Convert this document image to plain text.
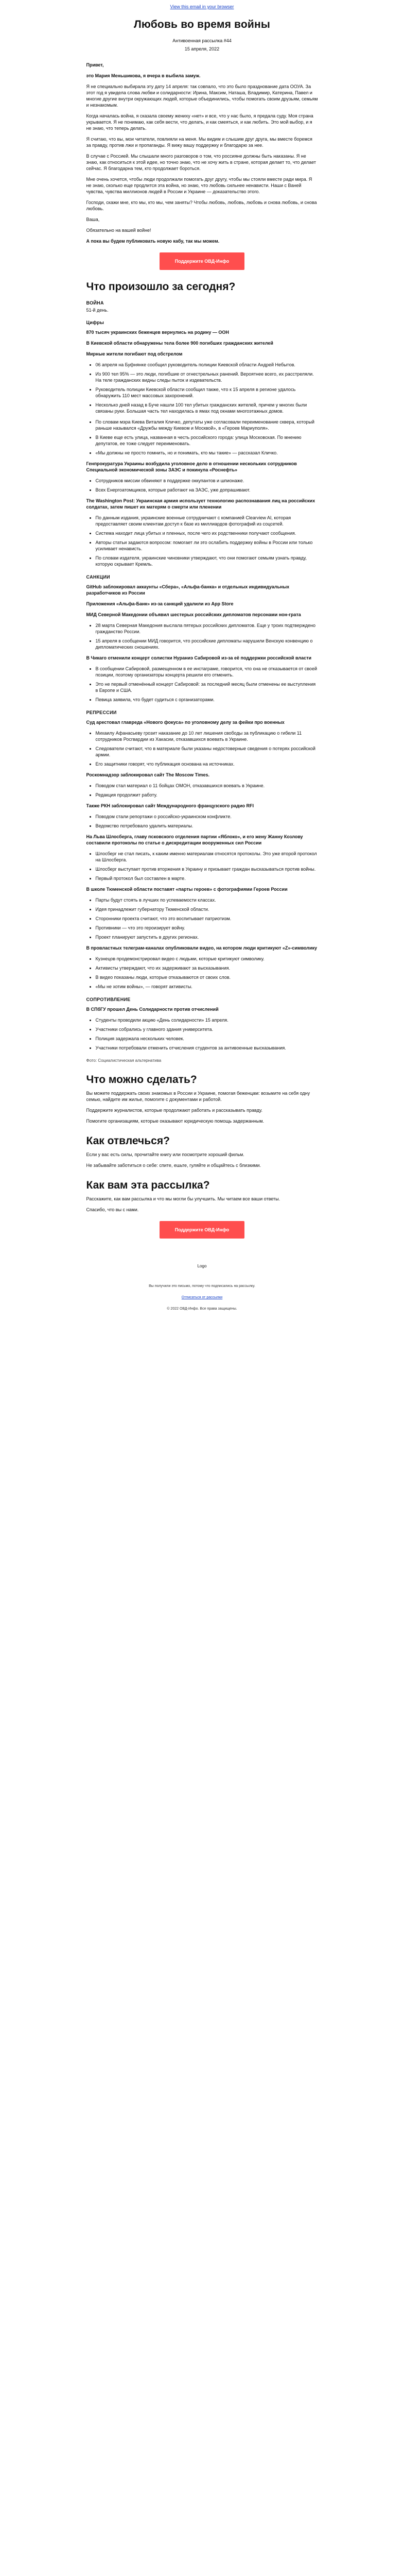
View this email in your browser
Любовь во время войны
Антивоенная рассылка #44
15 апреля, 2022

Привет,

это Мария Меньшикова, я вчера в выбила замуж.

Я не специально выбирала эту дату 14 апреля: так совпало, что это было празднование дата ООУА. За этот год я увидела слова любви и солидарности: Ирина, Максим, Наташа, Владимир, Катерина, Павел и многие другие внутри окружающих людей, которые объединились, чтобы помогать своим друзьям, семьям и незнакомым.

Когда началась война, я сказала своему жениху «нет» и все, что у нас было, я предала суду. Моя страна укрывается. Я не понимаю, как себя вести, что делать, и как смеяться, и как любить. Это мой выбор, и я не знаю, что теперь делать.

Я считаю, что вы, мои читатели, повлияли на меня. Мы видим и слышим друг друга, мы вместе боремся за правду, против лжи и пропаганды. Я вижу вашу поддержку и благодарю за нее.

В случае с Россией. Мы слышали много разговоров о том, что россияне должны быть наказаны. Я не знаю, как относиться к этой идее, но точно знаю, что не хочу жить в стране, которая делает то, что делает сейчас. Я благодарна тем, кто продолжает бороться.

Мне очень хочется, чтобы люди продолжали помогать друг другу, чтобы мы стояли вместе ради мира. Я не знаю, сколько еще продлится эта война, но знаю, что любовь сильнее ненависти. Наши с Ваней чувства, чувства миллионов людей в России и Украине — доказательство этого.

Господи, скажи мне, кто мы, кто мы, чем заняты? Чтобы любовь, любовь, любовь и снова любовь, и снова любовь.

Ваша,

Обязательно на вашей войне!

А пока вы будем публиковать новую кабу, так мы можем.

Поддержите ОВД-Инфо
Что произошло за сегодня?
ВОЙНА
51-й день.
Цифры

870 тысяч украинских беженцев вернулись на родину — ООН

В Киевской области обнаружены тела более 900 погибших гражданских жителей

Мирные жители погибают под обстрелом

• 06 апреля на Буфнянке сообщил руководитель полиции Киевской области Андрей Небытов.
• Из 900 тел 95% — это люди, погибшие от огнестрельных ранений. Вероятнее всего, их расстреляли. На теле гражданских видны следы пыток и издевательств.
• Руководитель полиции Киевской области сообщил также, что к 15 апреля в регионе удалось обнаружить 110 мест массовых захоронений.
• Несколько дней назад в Буче нашли 100 тел убитых гражданских жителей, причем у многих были связаны руки. Большая часть тел находилась в ямах под окнами многоэтажных домов.
• По словам мэра Киева Виталия Кличко, депутаты уже согласовали переименование сквера, который раньше назывался «Дружбы между Киевом и Москвой», в «Героев Мариуполя».
• В Киеве еще есть улица, названная в честь российского города: улица Московская. По мнению депутатов, ее тоже следует переименовать.
• «Мы должны не просто помнить, но и понимать, кто мы такие» — рассказал Кличко.

Генпрокуратура Украины возбудила уголовное дело в отношении нескольких сотрудников Специальной экономической зоны ЗАЭС и покинула «Роснефть»

• Сотрудников миссии обвиняют в поддержке оккупантов и шпионаже.
• Всех Енергоатомщиков, которые работают на ЗАЭС, уже допрашивают.

The Washington Post: Украинская армия использует технологию распознавания лиц на российских солдатах, затем пишет их матерям о смерти или пленении

• По данным издания, украинские военные сотрудничают с компанией Clearview AI, которая предоставляет своим клиентам доступ к базе из миллиардов фотографий из соцсетей.
• Система находит лица убитых и пленных, после чего их родственники получают сообщения.
• Авторы статьи задаются вопросом: помогает ли это ослабить поддержку войны в России или только усиливает ненависть.
• По словам издателя, украинские чиновники утверждают, что они помогают семьям узнать правду, которую скрывает Кремль.
САНКЦИИ

GitHub заблокировал аккаунты «Сбера», «Альфа-банка» и отдельных индивидуальных разработчиков из России

Приложения «Альфа-Банк» из-за санкций удалили из App Store

МИД Северной Македонии объявил шестерых российских дипломатов персонами нон-грата

• 28 марта Северная Македония выслала пятерых российских дипломатов. Еще у троих подтверждено гражданство России.
• 15 апреля в сообщении МИД говорится, что российские дипломаты нарушили Венскую конвенцию о дипломатических сношениях.

В Чикаго отменили концерт солистки Нураниэ Сабировой из-за её поддержки российской власти

• В сообщении Сабировой, размещенном в ее инстаграме, говорится, что она не отказывается от своей позиции, поэтому организаторы концерта решили его отменить.
• Это не первый отменённый концерт Сабировой: за последний месяц были отменены ее выступления в Европе и США.
• Певица заявила, что будет судиться с организаторами.
РЕПРЕССИИ

Суд арестовал главреда «Нового фокуса» по уголовному делу за фейки про военных

• Михаилу Афанасьеву грозит наказание до 10 лет лишения свободы за публикацию о гибели 11 сотрудников Росгвардии из Хакасии, отказавшихся воевать в Украине.
• Следователи считают, что в материале были указаны недостоверные сведения о потерях российской армии.
• Его защитники говорят, что публикация основана на источниках.

Роскомнадзор заблокировал сайт The Moscow Times.

• Поводом стал материал о 11 бойцах ОМОН, отказавшихся воевать в Украине.
• Редакция продолжит работу.

Также РКН заблокировал сайт Международного французского радио RFI

• Поводом стали репортажи о российско-украинском конфликте.
• Ведомство потребовало удалить материалы.

На Льва Шлосберга, главу псковского отделения партии «Яблоко», и его жену Жанну Козлову составили протоколы по статье о дискредитации вооруженных сил России

• Шлосберг не стал писать, к каким именно материалам относятся протоколы. Это уже второй протокол на Шлосберга.
• Шлосберг выступает против вторжения в Украину и призывает граждан высказываться против войны.
• Первый протокол был составлен в марте.

В школе Тюменской области поставят «парты героев» с фотографиями Героев России

• Парты будут стоять в лучших по успеваемости классах.
• Идея принадлежит губернатору Тюменской области.
• Сторонники проекта считают, что это воспитывает патриотизм.
• Противники — что это героизирует войну.
• Проект планируют запустить в других регионах.

В провластных телеграм-каналах опубликовали видео, на котором люди критикуют «Z»-символику

• Кузнецов продемонстрировал видео с людьми, которые критикуют символику.
• Активисты утверждают, что их задерживают за высказывания.
• В видео показаны люди, которые отказываются от своих слов.
• «Мы не хотим войны», — говорят активисты.
СОПРОТИВЛЕНИЕ

В СПбГУ прошел День Солидарности против отчислений

• Студенты проводили акцию «День солидарности» 15 апреля.
• Участники собрались у главного здания университета.
• Полиция задержала нескольких человек.
• Участники потребовали отменить отчисления студентов за антивоенные высказывания.
Фото: Социалистическая альтернатива
Что можно сделать?

Вы можете поддержать своих знакомых в России и Украине, помогая беженцам: возьмите на себя одну семью, найдите им жилье, помогите с документами и работой.

Поддержите журналистов, которые продолжают работать и рассказывать правду.

Помогите организациям, которые оказывают юридическую помощь задержанным.

Как отвлечься?

Если у вас есть силы, прочитайте книгу или посмотрите хороший фильм.

Не забывайте заботиться о себе: спите, ешьте, гуляйте и общайтесь с близкими.

Как вам эта рассылка?

Расскажите, как вам рассылка и что мы могли бы улучшить. Мы читаем все ваши ответы.

Спасибо, что вы с нами.

Поддержите ОВД-Инфо
Logo
Вы получили это письмо, потому что подписались на рассылку.
Отписаться от рассылки
© 2022 ОВД-Инфо. Все права защищены.
